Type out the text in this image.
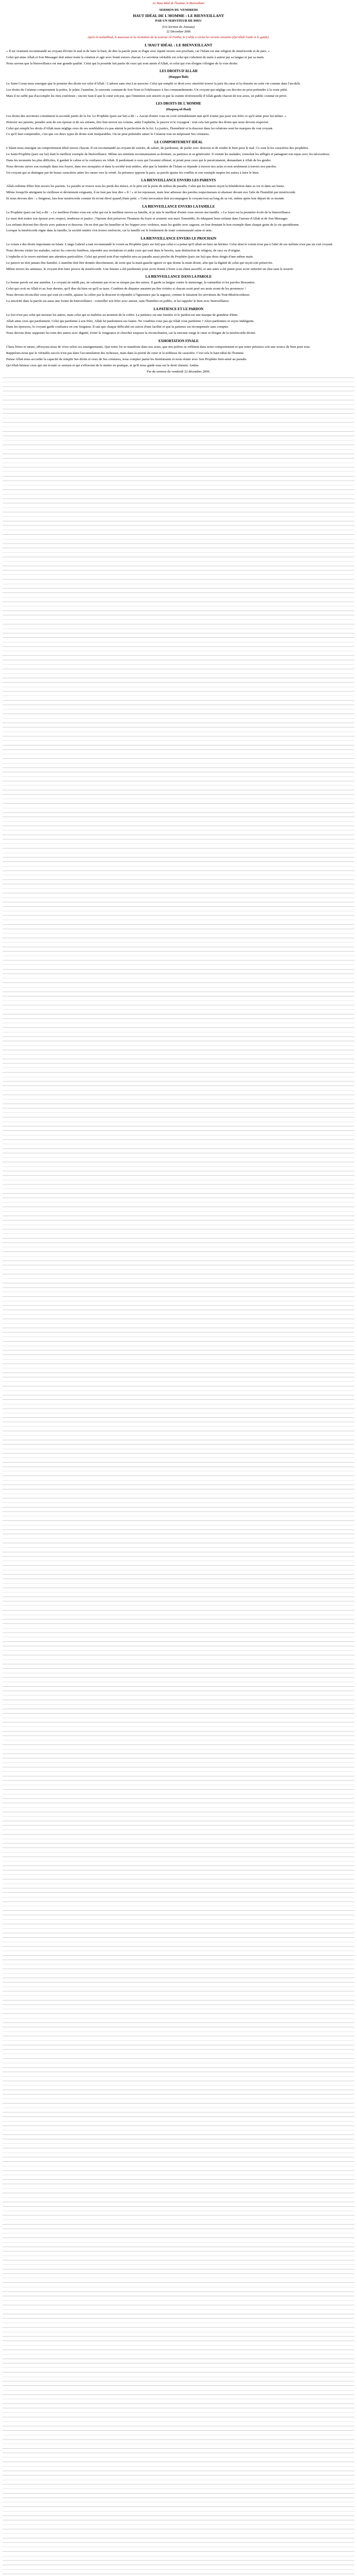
Le Haut Idéal de l'homme, le Bienveillant
SERMON DU VENDREDI
HAUT IDÉAL DE L'HOMME : LE BIENVEILLANT
PAR UN SERVITEUR DE DIEU
(Un Sermon du Jumuaa)
22 Décembre 2006
Après le tashahhud, le taawwuz et la récitation de la sourate Al-Fatiha, le Calife a récité les versets suivants (Qu'Allah l'aide et le guide).
L'HAUT IDÉAL : LE BIENVEILLANT

« Il est vraiment recommandé au croyant d'éviter le mal et de faire le bien, de dire la parole juste et d'agir avec équité envers son prochain, car l'Islam est une religion de miséricorde et de paix. »

Celui qui aime Allah et Son Messager doit aimer toute la création et agir avec bonté envers chacun. Le serviteur véritable est celui qui s'abstient de nuire à autrui par sa langue et par sa main.

Nous savons que la bienveillance est une grande qualité. Celui qui la possède fait partie de ceux qui sont aimés d'Allah, et celui qui s'en éloigne s'éloigne de la voie droite.

LES DROITS D'ALLAH
(Haqqoo'llah)

Le Saint Coran nous enseigne que le premier des droits est celui d'Allah : L'adorer sans rien Lui associer. Celui qui remplit ce droit avec sincérité trouve la paix du cœur et la réussite en cette vie comme dans l'au-delà.

Les droits du Créateur comprennent la prière, le jeûne, l'aumône, le souvenir constant de Son Nom et l'obéissance à Ses commandements. Un croyant qui néglige ces devoirs ne peut prétendre à la vraie piété.

Mais il ne suffit pas d'accomplir les rites extérieurs ; encore faut-il que le cœur soit pur, que l'intention soit sincère et que la crainte révérencielle d'Allah guide chacun de nos actes, en public comme en privé.

LES DROITS DE L'HOMME
(Haqooq-ul-Ibad)

Les droits des serviteurs constituent la seconde partie de la foi. Le Prophète (paix sur lui) a dit : « Aucun d'entre vous ne croit véritablement tant qu'il n'aime pas pour son frère ce qu'il aime pour lui-même. »

Honorer ses parents, prendre soin de son épouse et de ses enfants, être bon envers ses voisins, aider l'orphelin, le pauvre et le voyageur : tout cela fait partie des droits que nous devons respecter.

Celui qui remplit les droits d'Allah mais néglige ceux de ses semblables n'a pas atteint la perfection de la foi. La justice, l'honnêteté et la douceur dans les relations sont les marques du vrai croyant.

Ce qu'il faut comprendre, c'est que ces deux types de droits sont inséparables. On ne peut prétendre aimer le Créateur tout en méprisant Ses créatures.

LE COMPORTEMENT IDÉAL

L'Islam nous enseigne un comportement idéal envers chacun. Il est recommandé au croyant de sourire, de saluer, de pardonner, de parler avec douceur et de rendre le bien pour le mal. Ce sont là les caractères des prophètes.

Le Saint Prophète (paix sur lui) était le meilleur exemple de bienveillance. Même ses ennemis reconnaissaient sa droiture, sa patience et sa générosité. Il visitait les malades, consolait les affligés et partageait son repas avec les nécessiteux.

Dans les moments les plus difficiles, il gardait le calme et la confiance en Allah. Il pardonnait à ceux qui l'avaient offensé, et priait pour ceux qui le persécutaient, demandant à Allah de les guider.

Nous devons suivre son exemple dans nos foyers, dans nos mosquées et dans la société tout entière, afin que la lumière de l'Islam se répande à travers nos actes et non seulement à travers nos paroles.

Un croyant qui se distingue par de beaux caractères attire les cœurs vers la vérité. Sa présence apporte la paix, sa parole apaise les conflits et son exemple inspire les autres à faire le bien.

LA BIENVEILLANCE ENVERS LES PARENTS

Allah ordonne d'être bon envers les parents. Le paradis se trouve sous les pieds des mères, et le père est la porte du milieu du paradis. Celui qui les honore reçoit la bénédiction dans sa vie et dans ses biens.

Même lorsqu'ils atteignent la vieillesse et deviennent exigeants, il ne faut pas leur dire « fi ! » ni les repousser, mais leur adresser des paroles respectueuses et abaisser devant eux l'aile de l'humilité par miséricorde.

Et nous devons dire : « Seigneur, fais-leur miséricorde comme ils m'ont élevé quand j'étais petit. » Cette invocation doit accompagner le croyant tout au long de sa vie, même après leur départ de ce monde.

LA BIENVEILLANCE ENVERS LA FAMILLE

Le Prophète (paix sur lui) a dit : « Le meilleur d'entre vous est celui qui est le meilleur envers sa famille, et je suis le meilleur d'entre vous envers ma famille. » Le foyer est la première école de la bienveillance.

Le mari doit traiter son épouse avec respect, tendresse et justice ; l'épouse doit préserver l'honneur du foyer et soutenir son mari. Ensemble, ils éduquent leurs enfants dans l'amour d'Allah et de Son Messager.

Les enfants doivent être élevés avec patience et douceur. On ne doit pas les humilier ni les frapper avec violence, mais les guider avec sagesse, en leur donnant le bon exemple dans chaque geste de la vie quotidienne.

Lorsque la miséricorde règne dans la famille, la société entière s'en trouve renforcée, car la famille est le fondement de toute communauté saine et unie.

LA BIENVEILLANCE ENVERS LE PROCHAIN

Le voisin a des droits importants en Islam. L'ange Gabriel a tant recommandé le voisin au Prophète (paix sur lui) que celui-ci a pensé qu'il allait en faire un héritier. Celui dont le voisin n'est pas à l'abri de ses méfaits n'est pas un vrai croyant.

Nous devons visiter les malades, suivre les convois funèbres, répondre aux invitations et aider ceux qui sont dans le besoin, sans distinction de religion, de race ou d'origine.

L'orphelin et la veuve méritent une attention particulière. Celui qui prend soin d'un orphelin sera au paradis aussi proche du Prophète (paix sur lui) que deux doigts d'une même main.

Le pauvre ne doit jamais être humilié. L'aumône doit être donnée discrètement, de sorte que la main gauche ignore ce que donne la main droite, afin que la dignité de celui qui reçoit soit préservée.

Même envers les animaux, le croyant doit faire preuve de miséricorde. Une femme a été pardonnée pour avoir donné à boire à un chien assoiffé, et une autre a été punie pour avoir enfermé un chat sans le nourrir.

LA BIENVEILLANCE DANS LA PAROLE

La bonne parole est une aumône. Le croyant ne médit pas, ne calomnie pas et ne se moque pas des autres. Il garde sa langue contre le mensonge, la vantardise et les paroles blessantes.

Celui qui croit en Allah et au Jour dernier, qu'il dise du bien ou qu'il se taise. Combien de disputes auraient pu être évitées si chacun avait pesé ses mots avant de les prononcer !

Nous devons réconcilier ceux qui sont en conflit, apaiser la colère par la douceur et répondre à l'ignorance par la sagesse, comme le faisaient les serviteurs du Tout-Miséricordieux.

La sincérité dans la parole est aussi une forme de bienveillance : conseiller son frère avec amour, sans l'humilier en public, et lui rappeler le bien avec bienveillance.

LA PATIENCE ET LE PARDON

Le fort n'est pas celui qui terrasse les autres, mais celui qui se maîtrise au moment de la colère. La patience est une lumière et le pardon est une marque de grandeur d'âme.

Allah aime ceux qui pardonnent. Celui qui pardonne à son frère, Allah lui pardonnera ses fautes. Ne voudriez-vous pas qu'Allah vous pardonne ? Alors pardonnez et soyez indulgents.

Dans les épreuves, le croyant garde confiance en son Seigneur. Il sait que chaque difficulté est suivie d'une facilité et que la patience est récompensée sans compter.

Nous devons donc supporter les torts des autres avec dignité, éviter la vengeance et chercher toujours la réconciliation, car la rancune ronge le cœur et éloigne de la miséricorde divine.

EXHORTATION FINALE

Chers frères et sœurs, efforçons-nous de vivre selon ces enseignements. Que notre foi se manifeste dans nos actes, que nos prières se reflètent dans notre comportement et que notre présence soit une source de bien pour tous.

Rappelons-nous que le véritable succès n'est pas dans l'accumulation des richesses, mais dans la pureté du cœur et la noblesse du caractère. C'est cela le haut idéal de l'homme.

Puisse Allah nous accorder la capacité de remplir Ses droits et ceux de Ses créatures, nous compter parmi les bienfaisants et nous réunir avec Son Prophète bien-aimé au paradis.

Qu'Allah bénisse ceux qui ont écouté ce sermon et qui s'efforcent de le mettre en pratique, et qu'Il nous guide tous sur le droit chemin. Amîne.

Fin du sermon du vendredi 22 décembre 2006.
